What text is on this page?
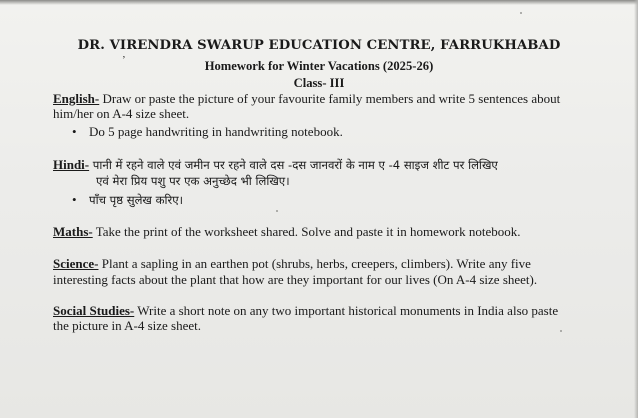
’
DR. VIRENDRA SWARUP EDUCATION CENTRE, FARRUKHABAD
Homework for Winter Vacations (2025-26)
Class- III
English- Draw or paste the picture of your favourite family members and write 5 sentences about
him/her on A-4 size sheet.
• Do 5 page handwriting in handwriting notebook.
Hindi- पानी में रहने वाले एवं जमीन पर रहने वाले दस -दस जानवरों के नाम ए -4 साइज शीट पर लिखिए
एवं मेरा प्रिय पशु पर एक अनुच्छेद भी लिखिए।
• पाँच पृष्ठ सुलेख करिए।
Maths- Take the print of the worksheet shared. Solve and paste it in homework notebook.
Science- Plant a sapling in an earthen pot (shrubs, herbs, creepers, climbers). Write any five
interesting facts about the plant that how are they important for our lives (On A-4 size sheet).
Social Studies- Write a short note on any two important historical monuments in India also paste
the picture in A-4 size sheet.
